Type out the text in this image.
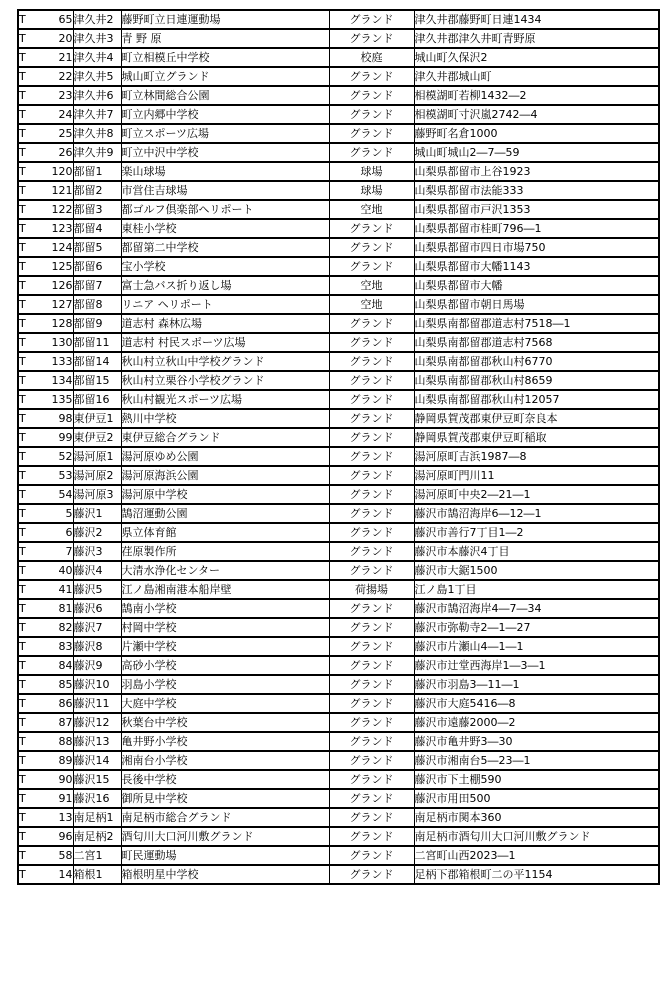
T 65	津久井2	藤野町立日連運動場	グランド	津久井郡藤野町日連1434

T 20	津久井3	青 野 原	グランド	津久井郡津久井町青野原

T 21	津久井4	町立相模丘中学校	校庭	城山町久保沢2

T 22	津久井5	城山町立グランド	グランド	津久井郡城山町

T 23	津久井6	町立林間総合公園	グランド	相模湖町若柳1432―2

T 24	津久井7	町立内郷中学校	グランド	相模湖町寸沢嵐2742―4

T 25	津久井8	町立スポーツ広場	グランド	藤野町名倉1000

T 26	津久井9	町立中沢中学校	グランド	城山町城山2―7―59

T 120	都留1	楽山球場	球場	山梨県都留市上谷1923

T 121	都留2	市営住吉球場	球場	山梨県都留市法能333

T 122	都留3	都ゴルフ倶楽部ヘリポート	空地	山梨県都留市戸沢1353

T 123	都留4	東桂小学校	グランド	山梨県都留市桂町796―1

T 124	都留5	都留第二中学校	グランド	山梨県都留市四日市場750

T 125	都留6	宝小学校	グランド	山梨県都留市大幡1143

T 126	都留7	富士急バス折り返し場	空地	山梨県都留市大幡

T 127	都留8	リニア ヘリポート	空地	山梨県都留市朝日馬場

T 128	都留9	道志村 森林広場	グランド	山梨県南都留郡道志村7518―1

T 130	都留11	道志村 村民スポーツ広場	グランド	山梨県南都留郡道志村7568

T 133	都留14	秋山村立秋山中学校グランド	グランド	山梨県南都留郡秋山村6770

T 134	都留15	秋山村立栗谷小学校グランド	グランド	山梨県南都留郡秋山村8659

T 135	都留16	秋山村観光スポーツ広場	グランド	山梨県南都留郡秋山村12057

T 98	東伊豆1	熱川中学校	グランド	静岡県賀茂郡東伊豆町奈良本

T 99	東伊豆2	東伊豆総合グランド	グランド	静岡県賀茂郡東伊豆町稲取

T 52	湯河原1	湯河原ゆめ公園	グランド	湯河原町吉浜1987―8

T 53	湯河原2	湯河原海浜公園	グランド	湯河原町門川11

T 54	湯河原3	湯河原中学校	グランド	湯河原町中央2―21―1

T 5	藤沢1	鵠沼運動公園	グランド	藤沢市鵠沼海岸6―12―1

T 6	藤沢2	県立体育館	グランド	藤沢市善行7丁目1―2

T 7	藤沢3	荏原製作所	グランド	藤沢市本藤沢4丁目

T 40	藤沢4	大清水浄化センター	グランド	藤沢市大鋸1500

T 41	藤沢5	江ノ島湘南港本船岸壁	荷揚場	江ノ島1丁目

T 81	藤沢6	鵠南小学校	グランド	藤沢市鵠沼海岸4―7―34

T 82	藤沢7	村岡中学校	グランド	藤沢市弥勒寺2―1―27

T 83	藤沢8	片瀬中学校	グランド	藤沢市片瀬山4―1―1

T 84	藤沢9	高砂小学校	グランド	藤沢市辻堂西海岸1―3―1

T 85	藤沢10	羽島小学校	グランド	藤沢市羽島3―11―1

T 86	藤沢11	大庭中学校	グランド	藤沢市大庭5416―8

T 87	藤沢12	秋葉台中学校	グランド	藤沢市遠藤2000―2

T 88	藤沢13	亀井野小学校	グランド	藤沢市亀井野3―30

T 89	藤沢14	湘南台小学校	グランド	藤沢市湘南台5―23―1

T 90	藤沢15	長後中学校	グランド	藤沢市下土棚590

T 91	藤沢16	御所見中学校	グランド	藤沢市用田500

T 13	南足柄1	南足柄市総合グランド	グランド	南足柄市関本360

T 96	南足柄2	酒匂川大口河川敷グランド	グランド	南足柄市酒匂川大口河川敷グランド

T 58	二宮1	町民運動場	グランド	二宮町山西2023―1

T 14	箱根1	箱根明星中学校	グランド	足柄下郡箱根町二の平1154
